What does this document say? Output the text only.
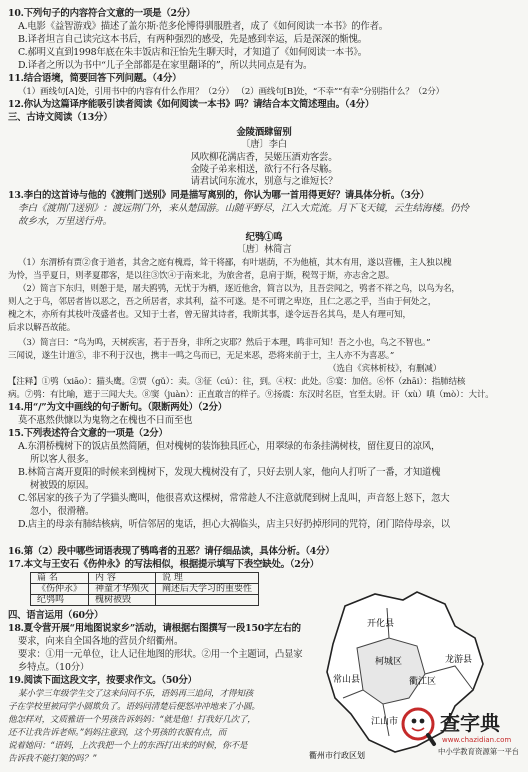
10.下列句子的内容符合文意的一项是（2分）
A.电影《益智游戏》描述了盖尔斯·范多伦博得驯服胜者，成了《如何阅读一本书》的作者。
B.译者坦言自己读完这本书后，有两种强烈的感受，先是感到幸运，后是深深的惭愧。
C.郝明义直到1998年底在朱丰饭店和汪怡先生聊天时，才知道了《如何阅读一本书》。
D.译者之所以为书中“儿子全部都是在家里翻译的”，所以共同点是有为。
11.结合语境，简要回答下列问题。（4分）
（1）画线句[A]处，引用书中的内容有什么作用？（2分） （2）画线句[B]处，“不幸”“有幸”分别指什么？（2分）
12.你认为这篇译序能吸引读者阅读《如何阅读一本书》吗？请结合本文简述理由。（4分）
三、古诗文阅读（13分）
金陵酒肆留别
〔唐〕李白
风吹柳花满店香，吴姬压酒劝客尝。
金陵子弟来相送，欲行不行各尽觞。
请君试问东流水，别意与之谁短长？
13.李白的这首诗与他的《渡荆门送别》同是描写离别的，你认为哪一首用得更好？请具体分析。（3分）
李白《渡荆门送别》：渡远荆门外，来从楚国游。山随平野尽，江入大荒流。月下飞天镜，云生结海楼。仍怜
故乡水，万里送行舟。
纪鸮①鸣
〔唐〕林简言
（1）东渭桥有贾②食于道者，其舍之庭有槐焉，耸干将鄙，有叶堪荫，不为他植，其木有用，遂以营栅，主人独以槐
为怜，当乎夏日，则孝夏郡客，是以往③饮④于南来北，为旅舍者，息肩于斯，税驾于斯，亦志舍之恩。
（2）简言下东归，则憩于是，屠夫鸥鸮，无忧于为栖，逐近他舍，简言以为，且吾尝闻之，鸮者不祥之鸟，以鸟为名，
则人之于鸟，邻居者皆以恶之，吾之所居者，求其利，益不可遂。是不可谓之卑迩，且仁之恶之乎，当由于何处之，
槐之木，亦所有其枝叶茂盛者也。又知于土者，曾无留其诗者，我斯其事，遂令远吾名其鸟，是人有理可知，
后求以解吾故能。
（3）简言曰：“鸟为鸣，天树疾害，若于吾身，非所之灾耶？然后于本理，鸣非可知！吾之小也，鸟之不智也。”
三闻说，遂生计道⑤，非不利于汉也，携丰一鸣之鸟而已，无足来恶，恐将来前于士，主人亦不为喜恶。”
（选自《宾林析枝》，有删减）
【注释】①鸮（xiāo）：猫头鹰。②贾（gǔ）：卖。③征（cú）：往，到。④权：此处。⑤宴：加倍。⑥怀（zhāi）：指肺结核
病。⑦鸮：有比喻，遮于三闻大夫。⑧窦（juàn）：正直敢言的样子。⑨扬震：东汉时名臣，官至太尉。讦（xù）嗔（mò）：大计。
14.用“/”为文中画线的句子断句。（限断两处）（2分）
莫不惠然供慷以为鬼物之在槐也不日而至也
15.下列表述符合文意的一项是（2分）
A.东渭桥槐树下的饭店虽然简陋，但对槐树的装饰独具匠心，用翠绿的布条挂满树枝，留住夏日的凉风，
所以客人很多。
B.林简言离开夏阳的时候来到槐树下，发现大槐树没有了，只好去别人家，他向人打听了一番，才知道槐
树被毁的原因。
C.邻居家的孩子为了学猫头鹰叫，他很喜欢这棵树，常常趁人不注意就爬到树上乱叫，声音怒上怒下，忽大
忽小，很滑稽。
D.店主的母亲有肺结核病，听信邻居的鬼话，担心大祸临头，店主只好扔掉形同的咒符，闭门陪侍母亲，以
16.第（2）段中哪些词语表现了鸮鸣者的丑恶？请仔细品读，具体分析。（4分）
17.本文与王安石《伤仲永》的写法相似，根据提示填写下表空缺处。（2分）
篇 名	内 容	说 理
《伤仲永》	神童才华殒灭	阐述后天学习的重要性
纪鸮鸣	槐树被毁	
四、语言运用（60分）
18.夏令营开展“用地图说家乡”活动，请根据右图撰写一段150字左右的
要求，向来自全国各地的营员介绍衢州。
要求：①用一元单位，让人记住地图的形状。②用一个主题词，凸显家
乡特点。（10分）
19.阅读下面这段文字，按要求作文。（50分）
某小学三年级学生交了这来问问不乐，语妈再三追问，才得知孩
子在学校里被同学小圆欺负了。语妈问清楚后便怒冲冲地来了小圆。
他怎样对，文质雅语一个男孩告诉妈妈：“就是他！打我好几次了，
还不让我告诉老师。”妈妈注意到，这个男孩的衣服有点，而
说着她问：“语妈，上次我把一个上的东西打出来的时候，你不是
告诉我不能打架的吗？”
开化县
柯城区
衢江区
常山县
龙游县
江山市
衢州市行政区划
查字典
www.chazidian.com
中小学教育资源第一平台
